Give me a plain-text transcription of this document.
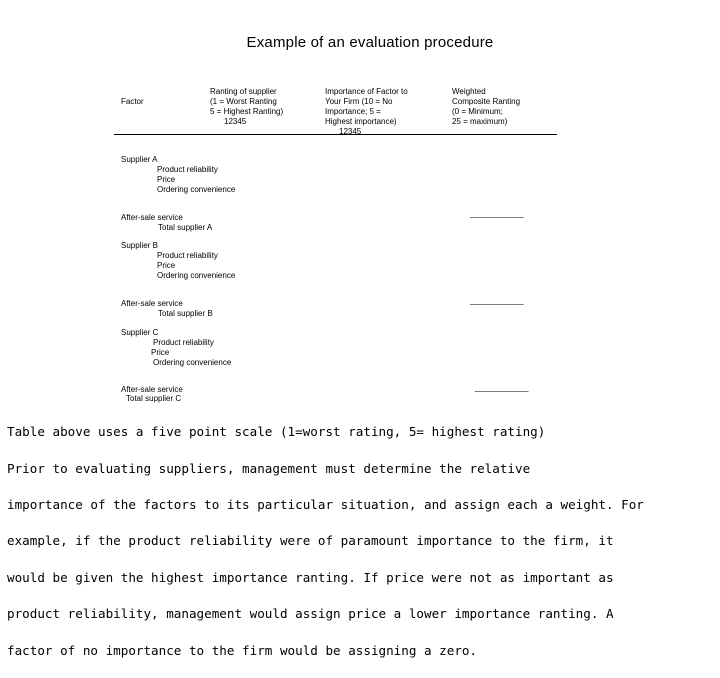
Example of an evaluation procedure
Factor
Ranting of supplier
(1 = Worst Ranting
5 = Highest Ranting)
12345
Importance of Factor to
Your Firm (10 = No
Importance; 5 =
Highest importance)
12345
Weighted
Composite Ranting
(0 = Minimum;
25 = maximum)
Supplier A
Product reliability
Price
Ordering convenience
After-sale service
Total supplier A
____________
Supplier B
Product reliability
Price
Ordering convenience
After-sale service
Total supplier B
____________
Supplier C
Product reliability
Price
Ordering convenience
After-sale service
Total supplier C
____________

Table above uses a five point scale (1=worst rating, 5= highest rating)

Prior to evaluating suppliers, management must determine the relative

importance of the factors to its particular situation, and assign each a weight. For

example, if the product reliability were of paramount importance to the firm, it

would be given the highest importance ranting. If price were not as important as

product reliability, management would assign price a lower importance ranting. A

factor of no importance to the firm would be assigning a zero.
